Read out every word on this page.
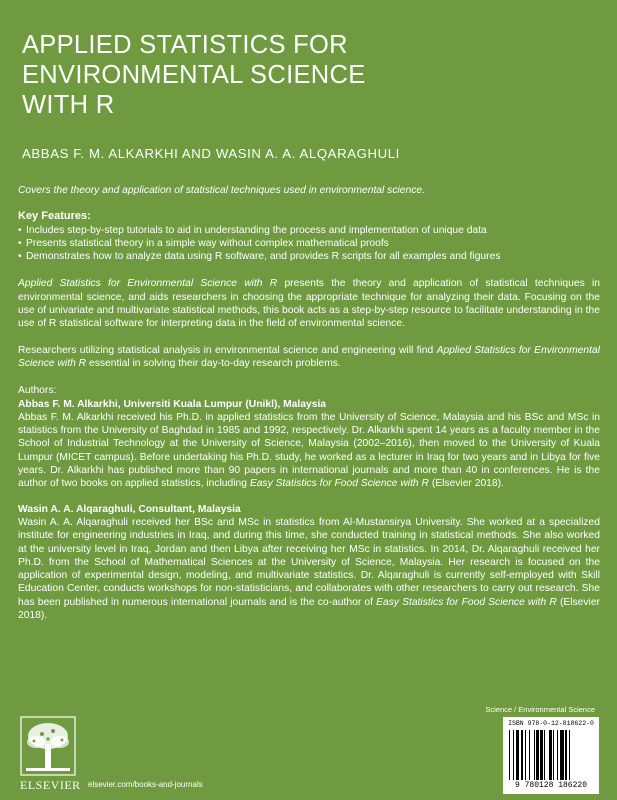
APPLIED STATISTICS FOR
ENVIRONMENTAL SCIENCE
WITH R
ABBAS F. M. ALKARKHI AND WASIN A. A. ALQARAGHULI

Covers the theory and application of statistical techniques used in environmental science.

Key Features:

• Includes step-by-step tutorials to aid in understanding the process and implementation of unique data
• Presents statistical theory in a simple way without complex mathematical proofs
• Demonstrates how to analyze data using R software, and provides R scripts for all examples and figures

Applied Statistics for Environmental Science with R presents the theory and application of statistical techniques in environmental science, and aids researchers in choosing the appropriate technique for analyzing their data. Focusing on the use of univariate and multivariate statistical methods, this book acts as a step-by-step resource to facilitate understanding in the use of R statistical software for interpreting data in the field of environmental science.

Researchers utilizing statistical analysis in environmental science and engineering will find Applied Statistics for Environmental Science with R essential in solving their day-to-day research problems.

Authors:

Abbas F. M. Alkarkhi, Universiti Kuala Lumpur (Unikl), Malaysia

Abbas F. M. Alkarkhi received his Ph.D. in applied statistics from the University of Science, Malaysia and his BSc and MSc in statistics from the University of Baghdad in 1985 and 1992, respectively. Dr. Alkarkhi spent 14 years as a faculty member in the School of Industrial Technology at the University of Science, Malaysia (2002–2016), then moved to the University of Kuala Lumpur (MICET campus). Before undertaking his Ph.D. study, he worked as a lecturer in Iraq for two years and in Libya for five years. Dr. Alkarkhi has published more than 90 papers in international journals and more than 40 in conferences. He is the author of two books on applied statistics, including Easy Statistics for Food Science with R (Elsevier 2018).

Wasin A. A. Alqaraghuli, Consultant, Malaysia

Wasin A. A. Alqaraghuli received her BSc and MSc in statistics from Al-Mustansirya University. She worked at a specialized institute for engineering industries in Iraq, and during this time, she conducted training in statistical methods. She also worked at the university level in Iraq, Jordan and then Libya after receiving her MSc in statistics. In 2014, Dr. Alqaraghuli received her Ph.D. from the School of Mathematical Sciences at the University of Science, Malaysia. Her research is focused on the application of experimental design, modeling, and multivariate statistics. Dr. Alqaraghuli is currently self-employed with Skill Education Center, conducts workshops for non-statisticians, and collaborates with other researchers to carry out research. She has been published in numerous international journals and is the co-author of Easy Statistics for Food Science with R (Elsevier 2018).

Science / Environmental Science
ISBN 978-0-12-818622-0
9 780128 186220
ELSEVIER elsevier.com/books-and-journals
